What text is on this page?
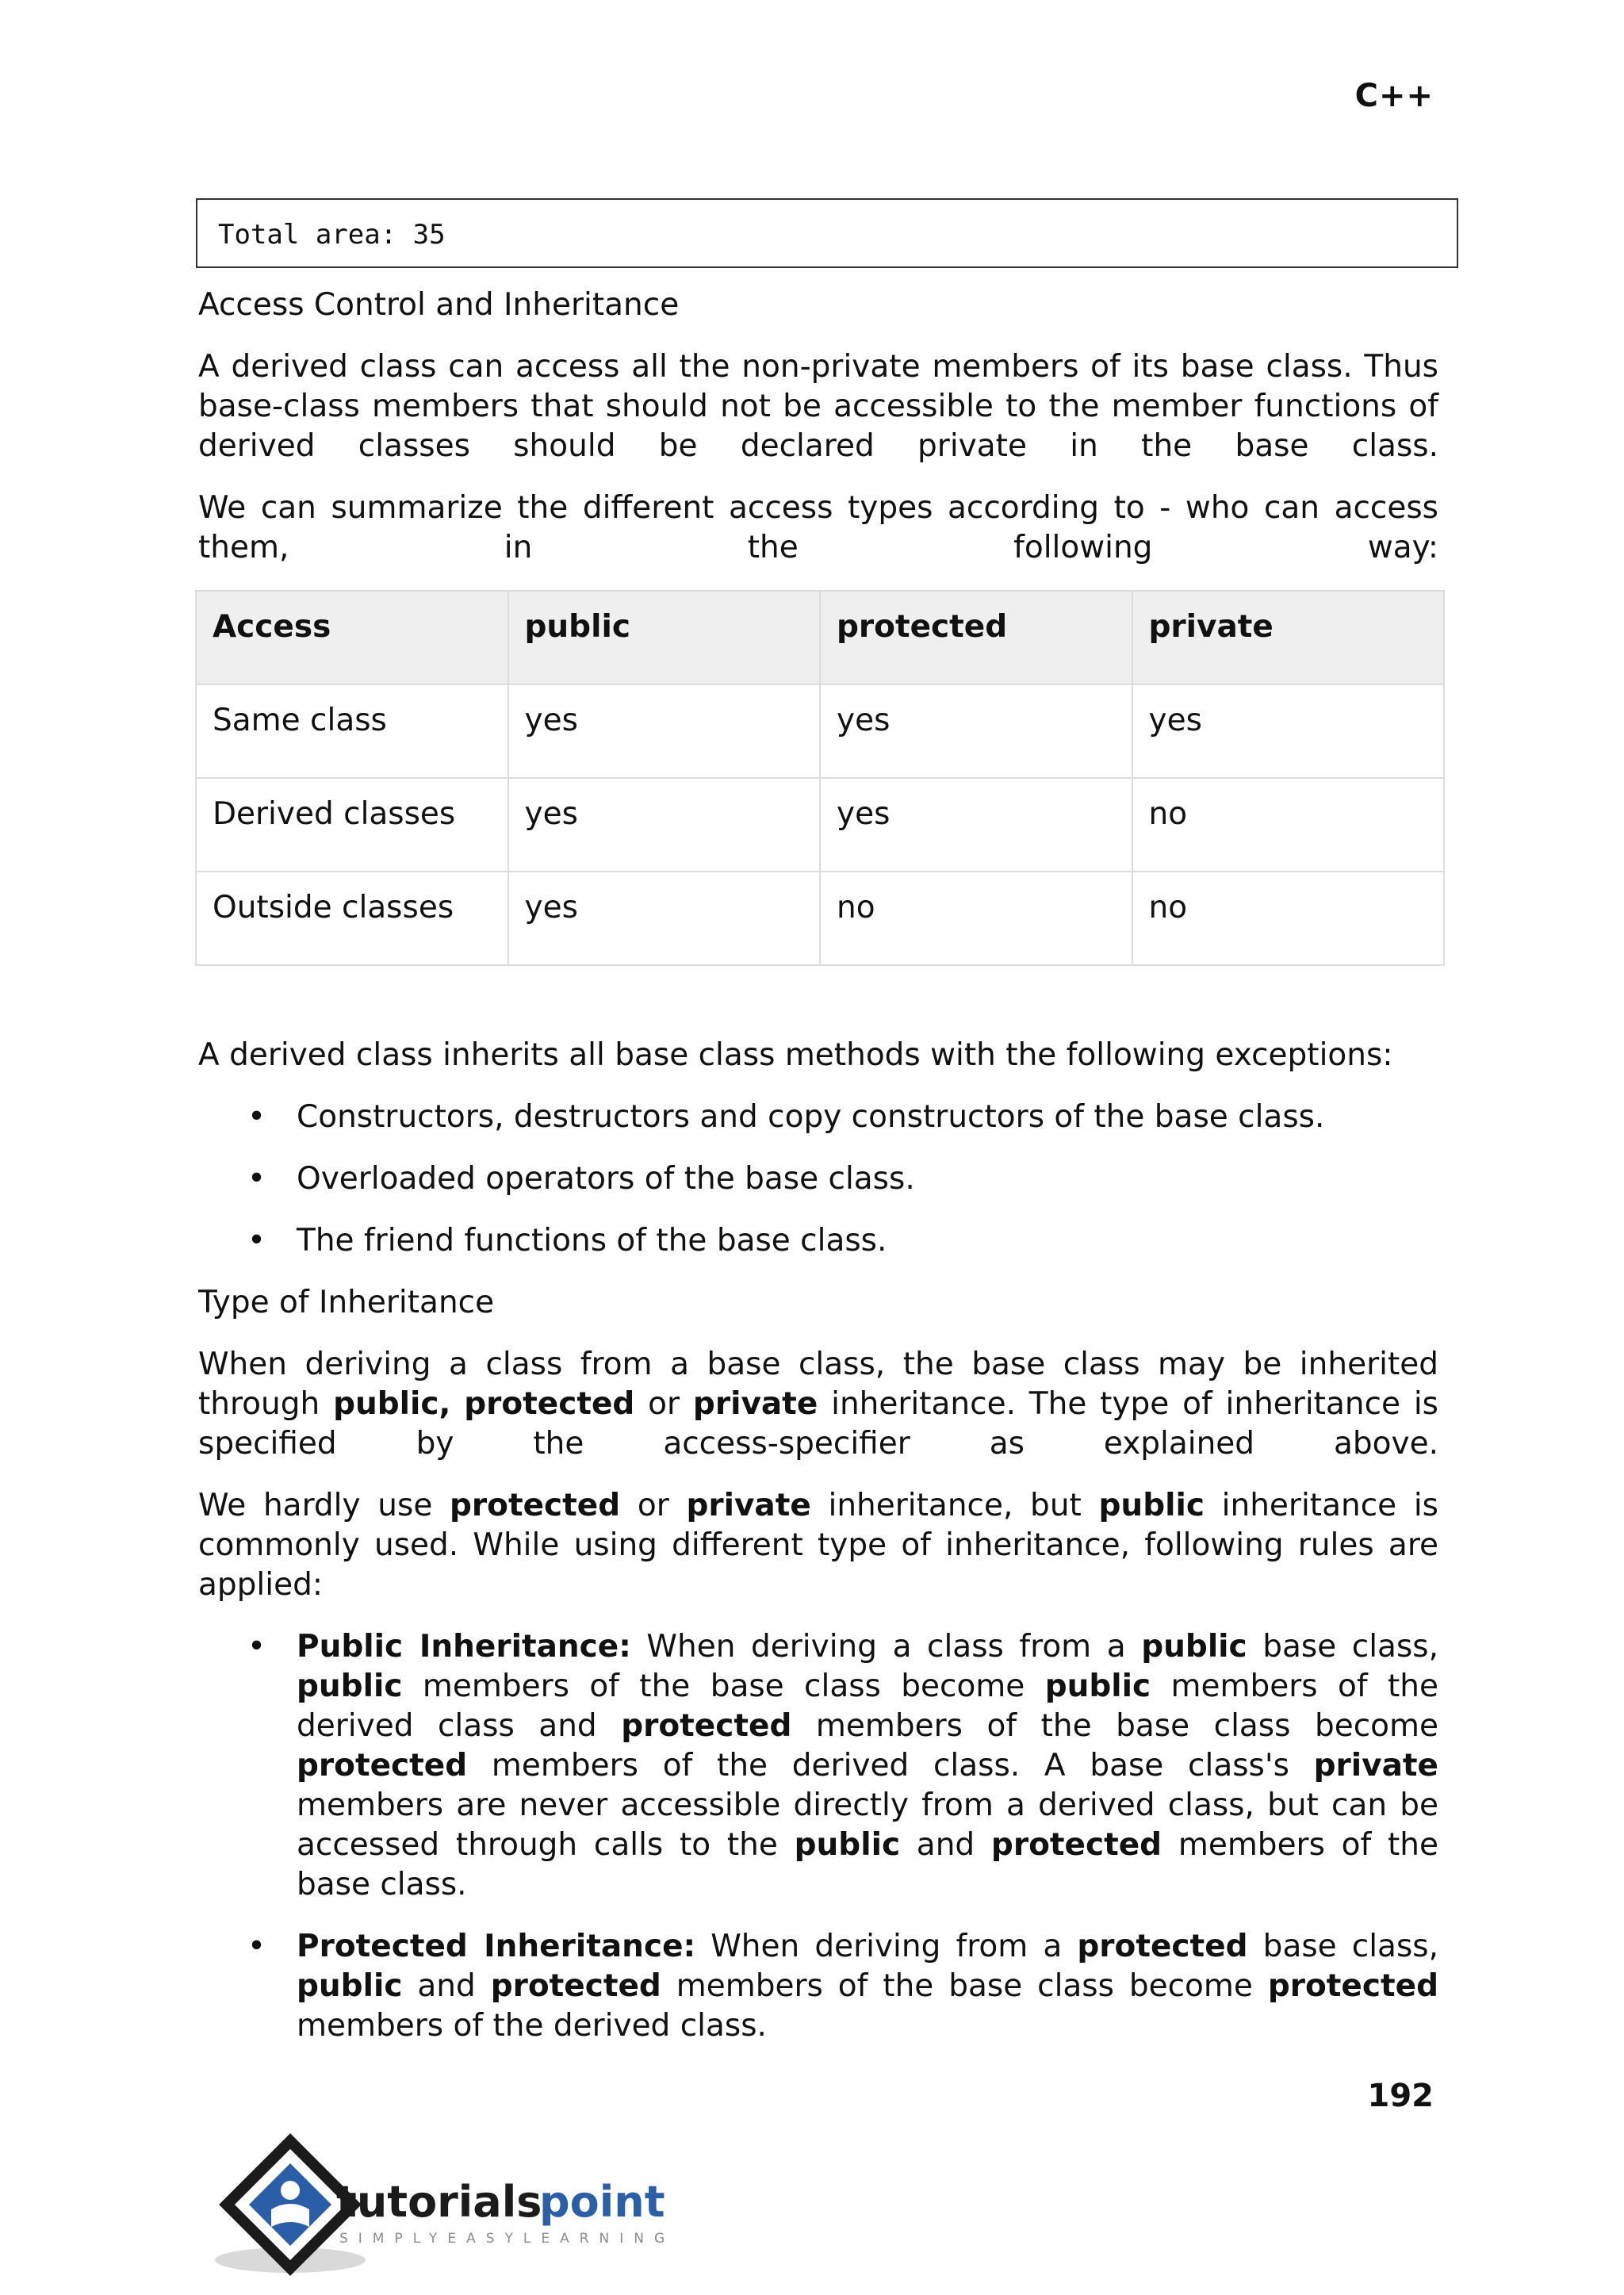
C++
Total area: 35

Access Control and Inheritance

A derived class can access all the non-private members of its base class. Thus base-class members that should not be accessible to the member functions of derived classes should be declared private in the base class.

We can summarize the different access types according to - who can access them, in the following way:

Access	public	protected	private
Same class	yes	yes	yes
Derived classes	yes	yes	no
Outside classes	yes	no	no

A derived class inherits all base class methods with the following exceptions:

• Constructors, destructors and copy constructors of the base class.
• Overloaded operators of the base class.
• The friend functions of the base class.

Type of Inheritance

When deriving a class from a base class, the base class may be inherited through public, protected or private inheritance. The type of inheritance is specified by the access-specifier as explained above.

We hardly use protected or private inheritance, but public inheritance is commonly used. While using different type of inheritance, following rules are applied:

• Public Inheritance: When deriving a class from a public base class, public members of the base class become public members of the derived class and protected members of the base class become protected members of the derived class. A base class's private members are never accessible directly from a derived class, but can be accessed through calls to the public and protected members of the base class.
• Protected Inheritance: When deriving from a protected base class, public and protected members of the base class become protected members of the derived class.
192
tutorials
point
SIMPLYEASYLEARNING
